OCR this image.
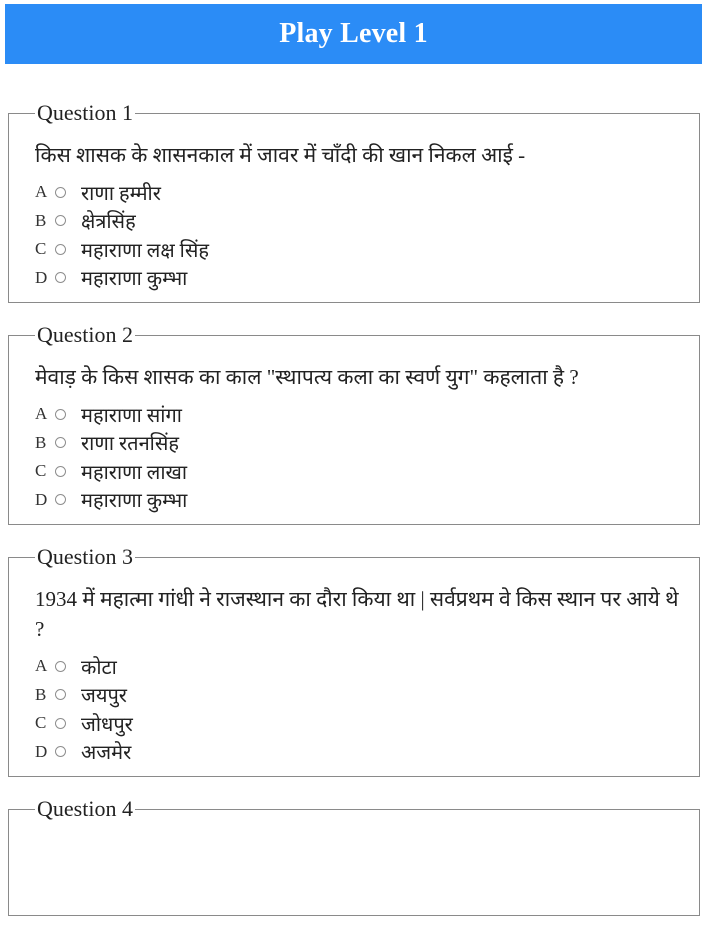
Play Level 1
Question 1
किस शासक के शासनकाल में जावर में चाँदी की खान निकल आई -
A राणा हम्मीर
B	क्षेत्रसिंह
C	महाराणा लक्ष सिंह
D महाराणा कुम्भा
Question 2
मेवाड़ के किस शासक का काल "स्थापत्य कला का स्वर्ण युग" कहलाता है ?
A महाराणा सांगा
B	राणा रतनसिंह
C	महाराणा लाखा
D महाराणा कुम्भा
Question 3
1934 में महात्मा गांधी ने राजस्थान का दौरा किया था | सर्वप्रथम वे किस स्थान पर आये थे ?
A कोटा
B	जयपुर
C	जोधपुर
D अजमेर
Question 4
